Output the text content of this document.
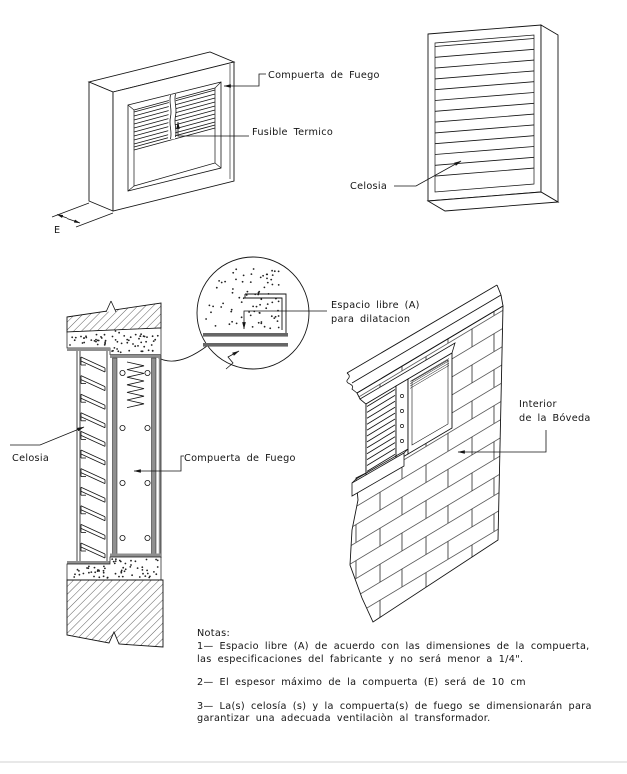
E
Compuerta de Fuego
Fusible Termico
Celosia
Espacio libre (A)
para dilatacion
Celosia	Compuerta de Fuego
Interior
de la Bóveda
Notas:
1— Espacio libre (A) de acuerdo con las dimensiones de la compuerta,
las especificaciones del fabricante y no será menor a 1/4".
2— El espesor máximo de la compuerta (E) será de 10 cm
3— La(s) celosía (s) y la compuerta(s) de fuego se dimensionarán para
garantizar una adecuada ventilaciòn al transformador.
